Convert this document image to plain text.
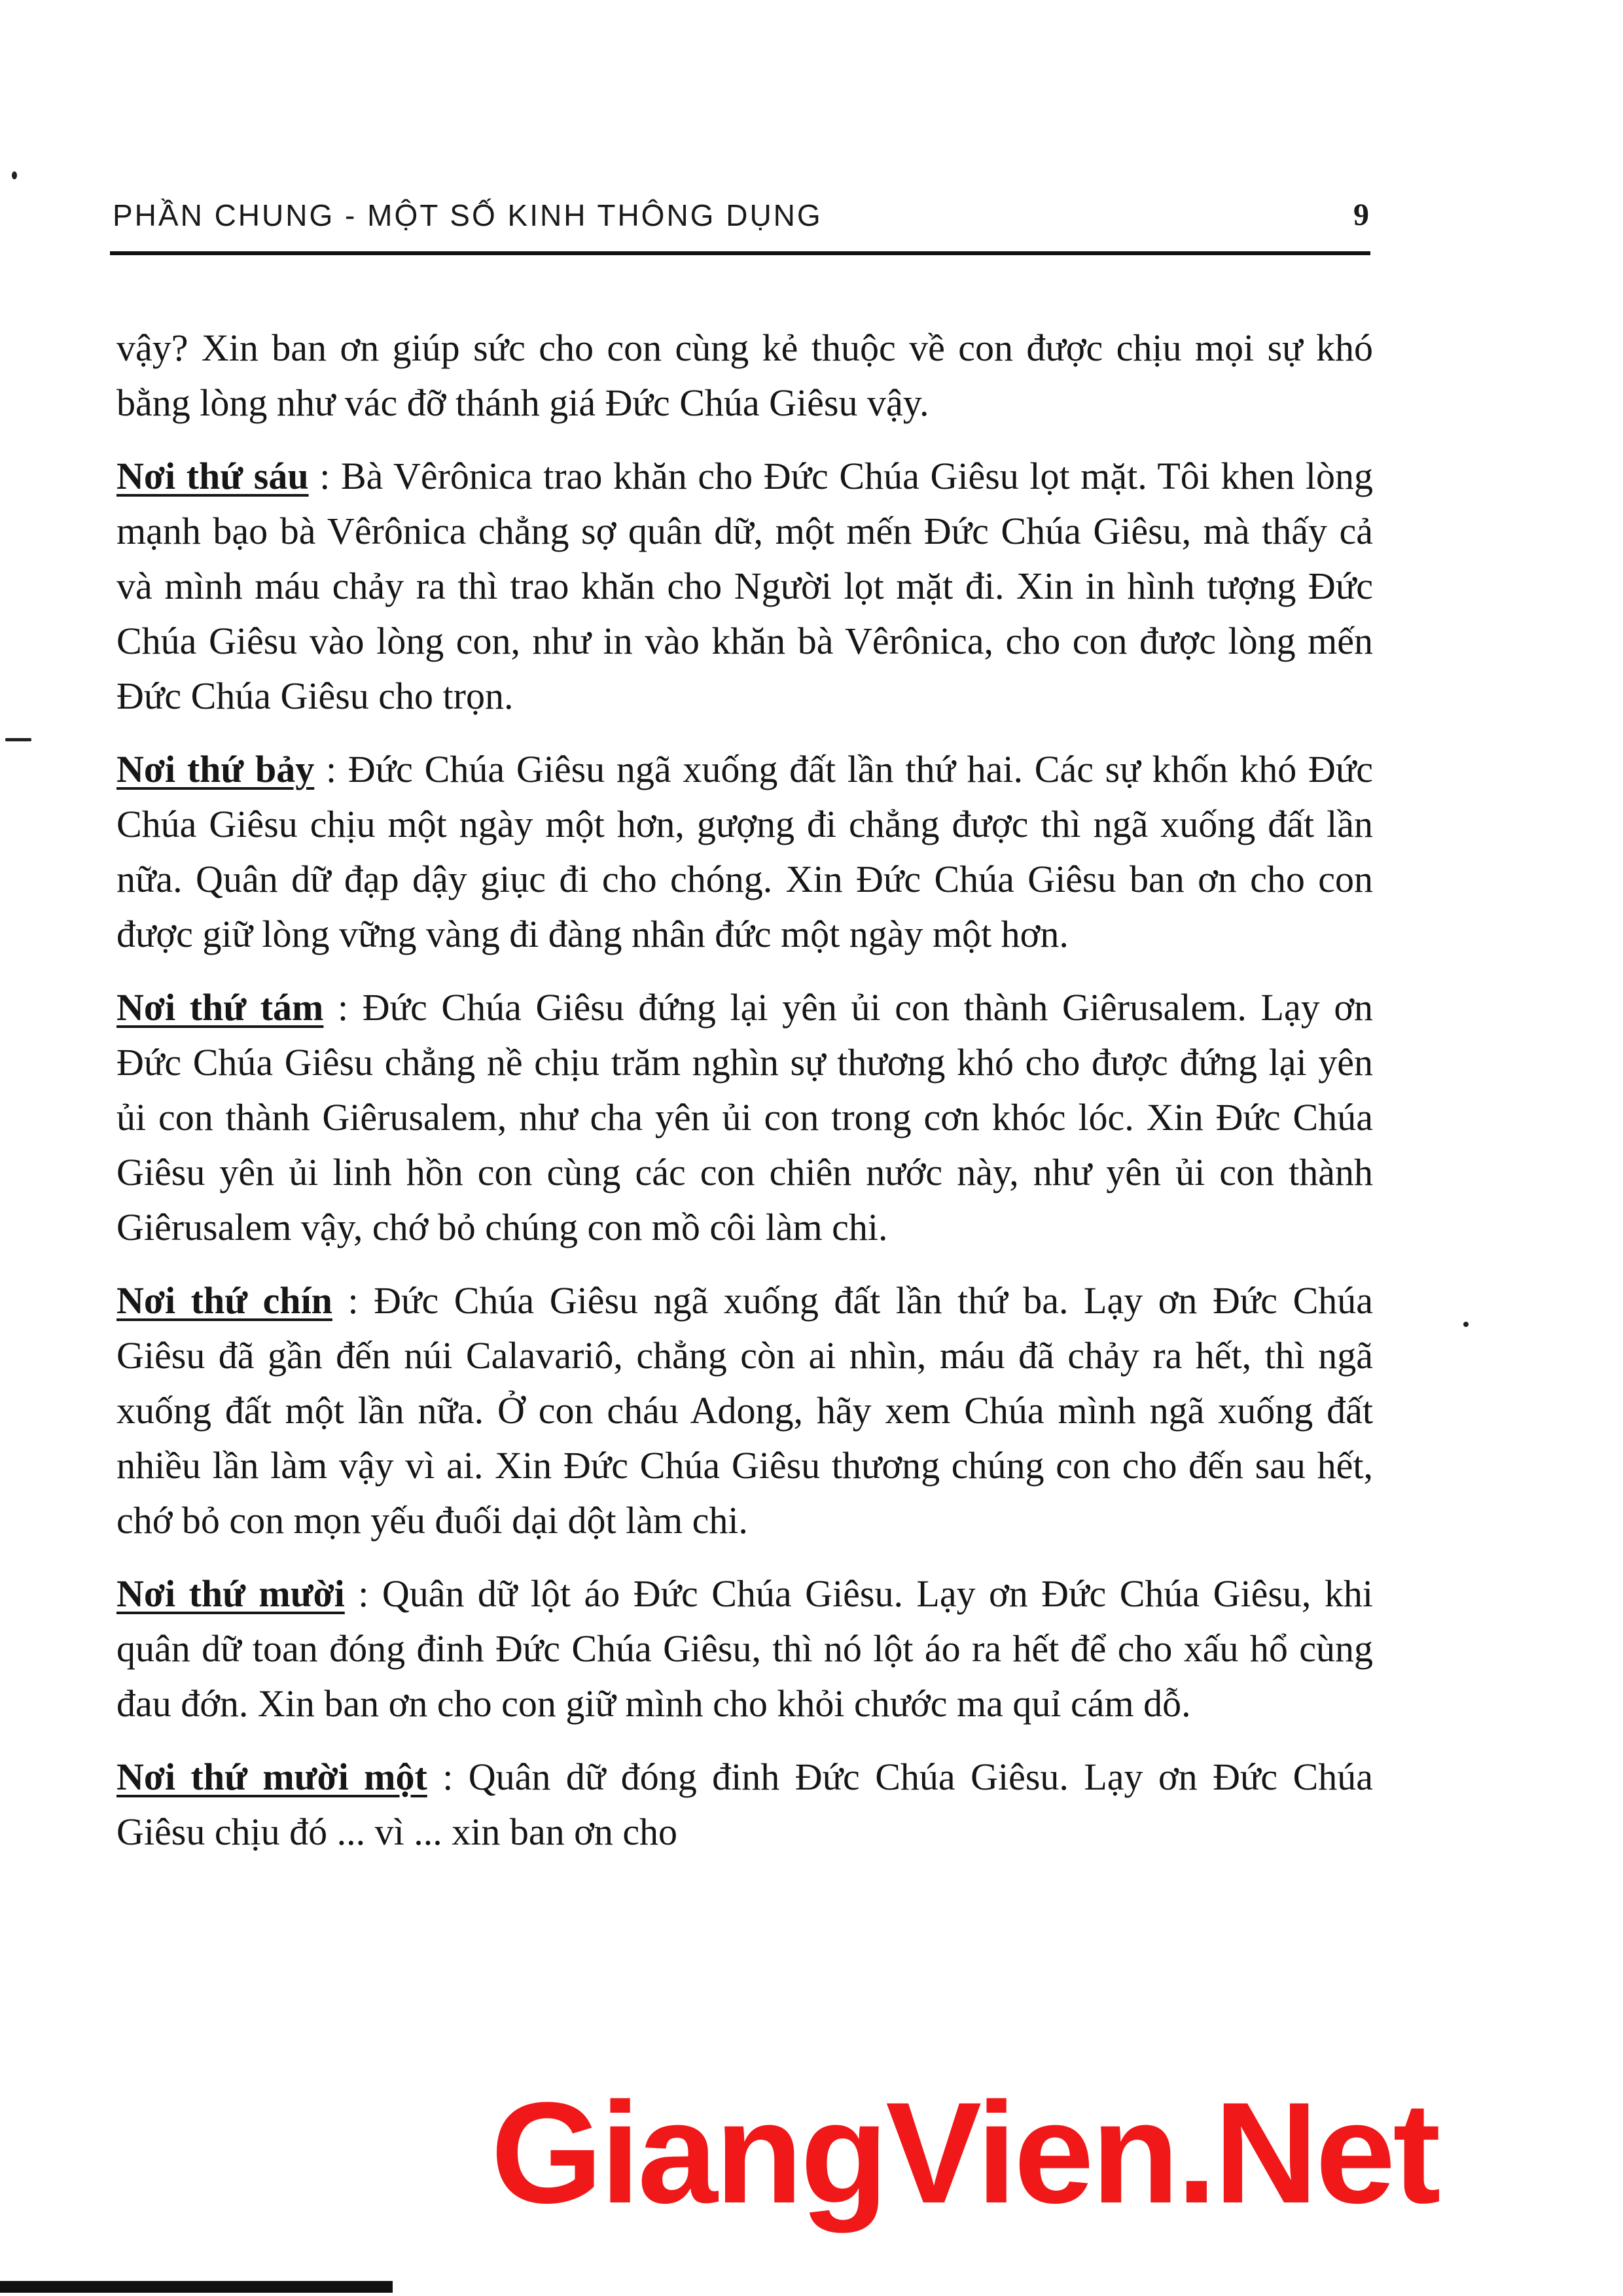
PHẦN CHUNG - MỘT SỐ KINH THÔNG DỤNG	9

vậy? Xin ban ơn giúp sức cho con cùng kẻ thuộc về con được chịu mọi sự khó bằng lòng như vác đỡ thánh giá Đức Chúa Giêsu vậy.

Nơi thứ sáu : Bà Vêrônica trao khăn cho Đức Chúa Giêsu lọt mặt. Tôi khen lòng mạnh bạo bà Vêrônica chẳng sợ quân dữ, một mến Đức Chúa Giêsu, mà thấy cả và mình máu chảy ra thì trao khăn cho Người lọt mặt đi. Xin in hình tượng Đức Chúa Giêsu vào lòng con, như in vào khăn bà Vêrônica, cho con được lòng mến Đức Chúa Giêsu cho trọn.

Nơi thứ bảy : Đức Chúa Giêsu ngã xuống đất lần thứ hai. Các sự khốn khó Đức Chúa Giêsu chịu một ngày một hơn, gượng đi chẳng được thì ngã xuống đất lần nữa. Quân dữ đạp dậy giục đi cho chóng. Xin Đức Chúa Giêsu ban ơn cho con được giữ lòng vững vàng đi đàng nhân đức một ngày một hơn.

Nơi thứ tám : Đức Chúa Giêsu đứng lại yên ủi con thành Giêrusalem. Lạy ơn Đức Chúa Giêsu chẳng nề chịu trăm nghìn sự thương khó cho được đứng lại yên ủi con thành Giêrusalem, như cha yên ủi con trong cơn khóc lóc. Xin Đức Chúa Giêsu yên ủi linh hồn con cùng các con chiên nước này, như yên ủi con thành Giêrusalem vậy, chớ bỏ chúng con mồ côi làm chi.

Nơi thứ chín : Đức Chúa Giêsu ngã xuống đất lần thứ ba. Lạy ơn Đức Chúa Giêsu đã gần đến núi Calavariô, chẳng còn ai nhìn, máu đã chảy ra hết, thì ngã xuống đất một lần nữa. Ở con cháu Adong, hãy xem Chúa mình ngã xuống đất nhiều lần làm vậy vì ai. Xin Đức Chúa Giêsu thương chúng con cho đến sau hết, chớ bỏ con mọn yếu đuối dại dột làm chi.

Nơi thứ mười : Quân dữ lột áo Đức Chúa Giêsu. Lạy ơn Đức Chúa Giêsu, khi quân dữ toan đóng đinh Đức Chúa Giêsu, thì nó lột áo ra hết để cho xấu hổ cùng đau đớn. Xin ban ơn cho con giữ mình cho khỏi chước ma quỉ cám dỗ.

Nơi thứ mười một : Quân dữ đóng đinh Đức Chúa Giêsu. Lạy ơn Đức Chúa Giêsu chịu đó ... vì ... xin ban ơn cho

GiangVien.Net
